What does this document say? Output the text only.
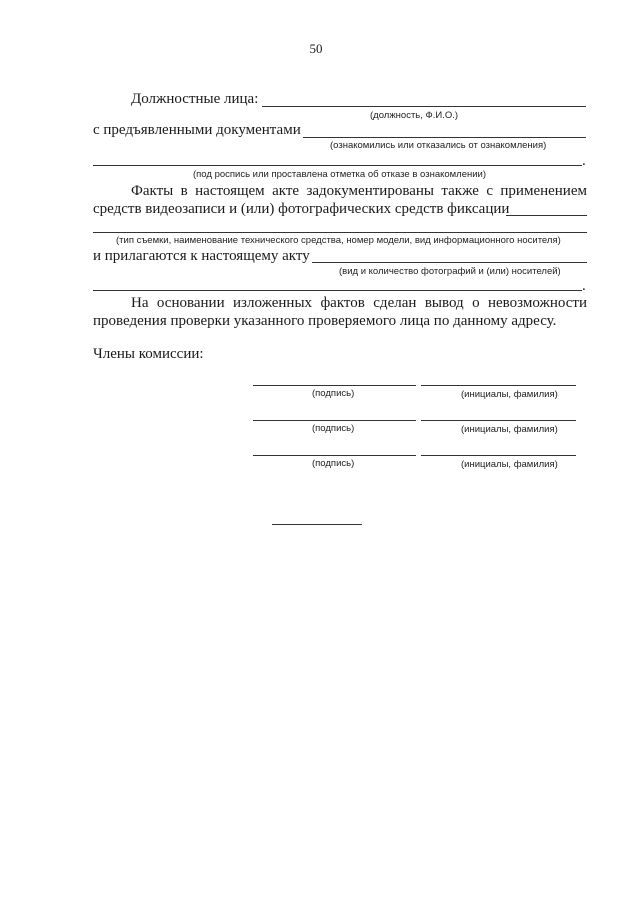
50
Должностные лица:
(должность, Ф.И.О.)
с предъявленными документами
(ознакомились или отказались от ознакомления)
.
(под роспись или проставлена отметка об отказе в ознакомлении)
Факты в настоящем акте задокументированы также с применением
средств видеозаписи и (или) фотографических средств фиксации
(тип съемки, наименование технического средства, номер модели, вид информационного носителя)
и прилагаются к настоящему акту
(вид и количество фотографий и (или) носителей)
.
На основании изложенных фактов сделан вывод о невозможности
проведения проверки указанного проверяемого лица по данному адресу.
Члены комиссии:
(подпись)	(инициалы, фамилия)
(подпись)	(инициалы, фамилия)
(подпись)	(инициалы, фамилия)
